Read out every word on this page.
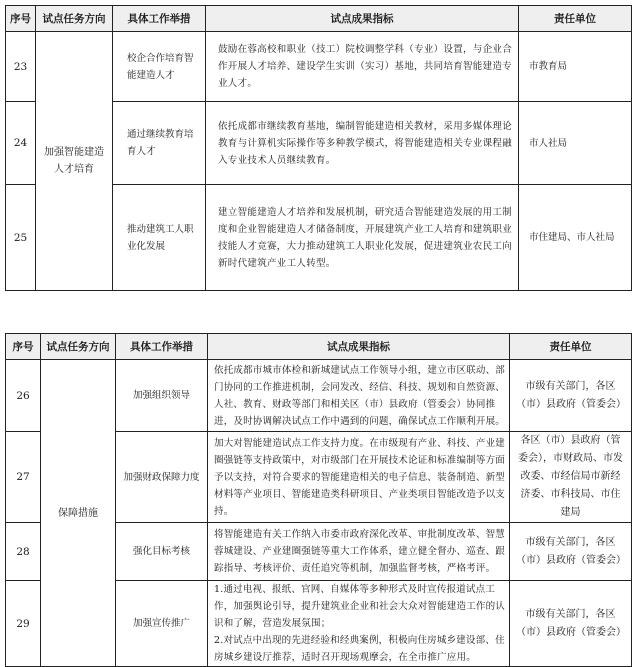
序号	试点任务方向	具体工作举措	试点成果指标	责任单位
23	加强智能建造人才培育	校企合作培育智能建造人才	鼓励在蓉高校和职业（技工）院校调整学科（专业）设置，与企业合作开展人才培养、建设学生实训（实习）基地，共同培育智能建造专业人才。	市教育局
24		通过继续教育培育人才	依托成都市继续教育基地，编制智能建造相关教材，采用多媒体理论教育与计算机实际操作等多种教学模式，将智能建造相关专业课程融入专业技术人员继续教育。	市人社局
25		推动建筑工人职业化发展	建立智能建造人才培养和发展机制，研究适合智能建造发展的用工制度和企业智能建造人才储备制度，开展建筑产业工人培育和建筑职业技能人才竞赛，大力推动建筑工人职业化发展，促进建筑业农民工向新时代建筑产业工人转型。	市住建局、市人社局
序号	试点任务方向	具体工作举措	试点成果指标	责任单位
26	保障措施	加强组织领导	依托成都市城市体检和新城建试点工作领导小组，建立市区联动、部门协同的工作推进机制，会同发改、经信、科技、规划和自然资源、人社、教育、财政等部门和相关区（市）县政府（管委会）协同推进，及时协调解决试点工作中遇到的问题，确保试点工作顺利开展。	市级有关部门，各区（市）县政府（管委会）
27		加强财政保障力度	加大对智能建造试点工作支持力度。在市级现有产业、科技、产业建圈强链等支持政策中，对市级部门在开展技术论证和标准编制等方面予以支持，对符合要求的智能建造相关的电子信息、装备制造、新型材料等产业项目、智能建造类科研项目、产业类项目智能改造予以支持。	各区（市）县政府（管委会），市财政局、市发改委、市经信局市新经济委、市科技局、市住建局
28		强化目标考核	将智能建造有关工作纳入市委市政府深化改革、审批制度改革、智慧蓉城建设、产业建圈强链等重大工作体系，建立健全督办、巡查、跟踪指导、考核评价、责任追究等机制，加强监督考核，严格考评。	市级有关部门，各区（市）县政府（管委会）
29		加强宣传推广	1.通过电视、报纸、官网、自媒体等多种形式及时宣传报道试点工作，加强舆论引导，提升建筑业企业和社会大众对智能建造工作的认识和了解，营造发展氛围；
2.对试点中出现的先进经验和经典案例，积极向住房城乡建设部、住房城乡建设厅推荐，适时召开现场观摩会，在全市推广应用。	市级有关部门，各区（市）县政府（管委会）
